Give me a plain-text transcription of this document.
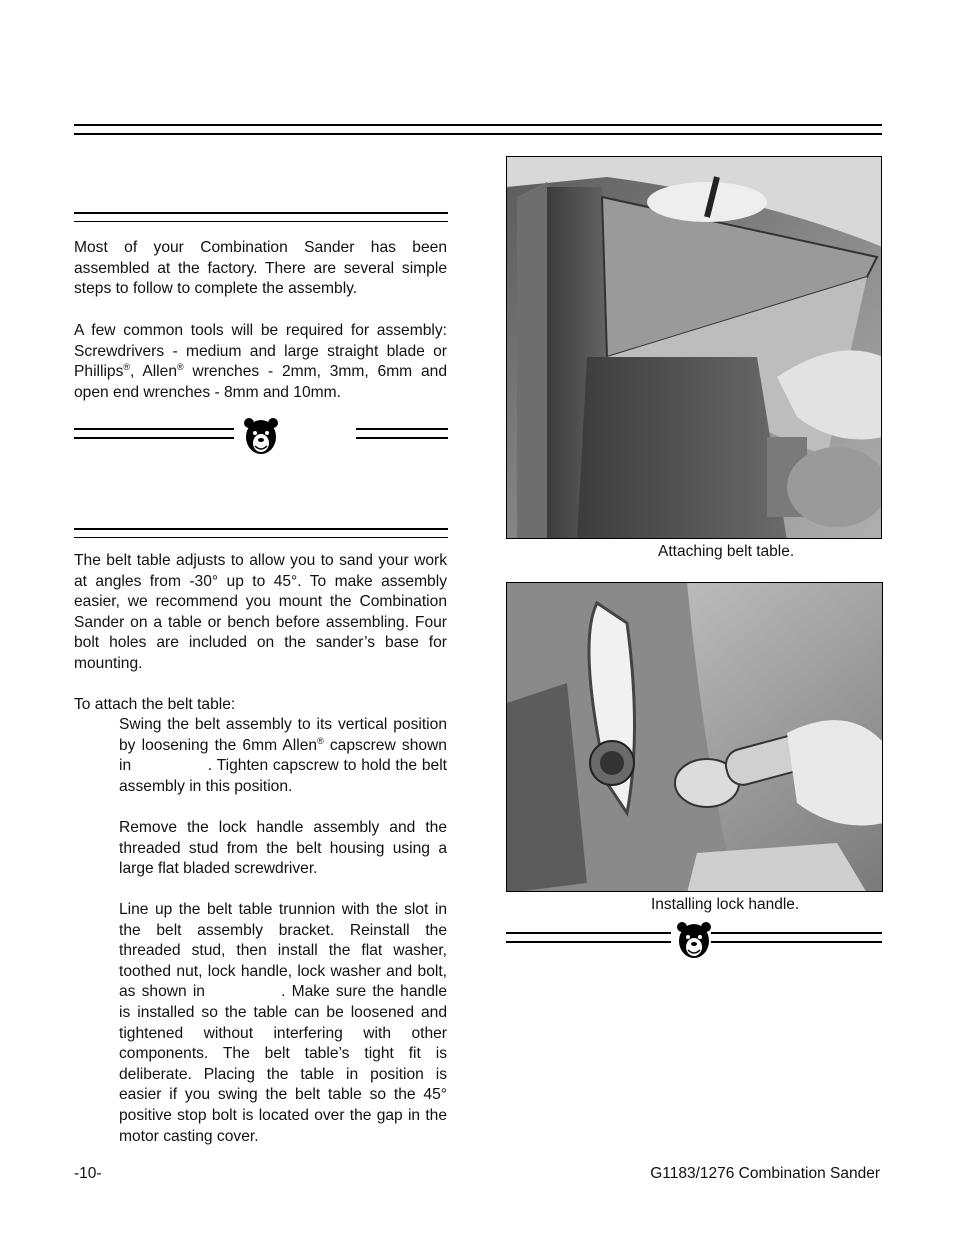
Most of your Combination Sander has been assembled at the factory. There are several simple steps to follow to complete the assembly.

A few common tools will be required for assembly: Screwdrivers - medium and large straight blade or Phillips®, Allen® wrenches - 2mm, 3mm, 6mm and open end wrenches - 8mm and 10mm.

The belt table adjusts to allow you to sand your work at angles from -30° up to 45°. To make assembly easier, we recommend you mount the Combination Sander on a table or bench before assembling. Four bolt holes are included on the sander’s base for mounting.

To attach the belt table:

Swing the belt assembly to its vertical position by loosening the 6mm Allen® capscrew shown in	. Tighten capscrew to hold the belt assembly in this position.

Remove the lock handle assembly and the threaded stud from the belt housing using a large flat bladed screwdriver.

Line up the belt table trunnion with the slot in the belt assembly bracket. Reinstall the threaded stud, then install the flat washer, toothed nut, lock handle, lock washer and bolt, as shown in	. Make sure the handle is installed so the table can be loosened and tightened without interfering with other components. The belt table’s tight fit is deliberate. Placing the table in position is easier if you swing the belt table so the 45° positive stop bolt is located over the gap in the motor casting cover.

Attaching belt table.
Installing lock handle.
-10-	G1183/1276 Combination Sander
